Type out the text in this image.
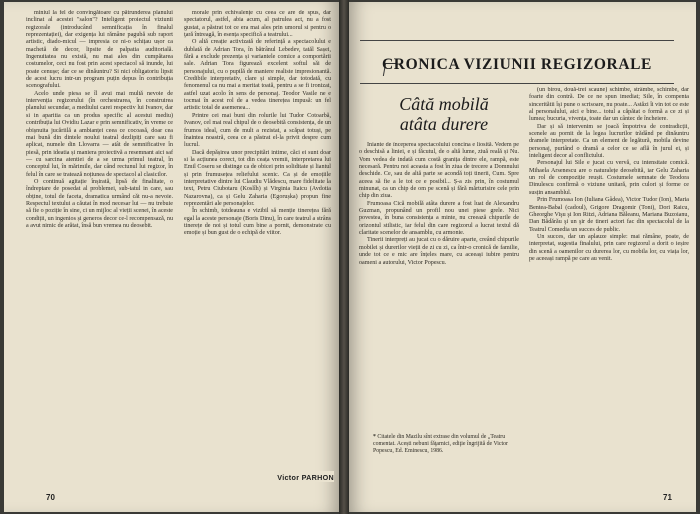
miniul la fel de convingătoare cu pătrunderea planului inclinat al acestei "salon"? Inteligent proiectul viziunii regizorale (introducând semnificația în finalul reprezentației), dar exigența lui rămâne pagubă sub raport artistic, diado-micul — impresia ce ni-o schițau ușor ca machetă de decor, lipsite de palpatia auditorială. Ingenuitatea nu există, nu mai ales din cumpătarea costumelor, ceci nu fost prin acest spectacol să inunde, lui poate cenușe; dar ce se dinăuntru? Si nici obligatoriu lipsit de acest lucru intr-un program puțin depus în contribuția scenografului.

Acelo unde piesa se îl avui mai multă nevoie de intervenția regizorului (în orchestrarea, în construirea planului secundar, a mediului carei respectiv lui Ivanov, dar si in aparitia ca un produs specific al acestui mediu) contribuția lui Ovidiu Lazar e prin semnificativ, în vreme ce obișnuita jucăriilă a ambianței ceea ce cocoasă, doar cea mai bună din dintele noului teatral dezlipiți care sau fi aplicat, numele din Llovarra — atât de semnificative în piesă, prin ideatia și maniera proiectivă a resemnant aici saf — cu sarcina atentiei de a se urma primul teatral, în conceptul lui, în mărimile, dar când rectunul lui regizor, în felul în care se tratează noțiunea de spectacol al clasicilor.

O continuă agitație înșirată, lipsă de finalitate, o îndreptare de posedat al problemei, sub-tatul in care, sau obține, totul de faceta, dramatica urmând căt nu-a nevoie. Respectul textului a căutat în mod necesar lui — nu trebuie să fie o poziție în sine, ci un mijloc al vieții scenei, în aceste condiții, un ingenios și generos decor ce-l recompensază, nu a avut nimic de arătat, însă bun vremea nu deosebit.

morale prin echivalențe cu ceea ce are de spus, dar spectatorul, astfel, abia acum, al patrulea act, nu a fost gustat, a păstrat tot ce era mai ales prin umorul si pentru o ţară întreagă, în esența specifică a teatrului...

O altă creație activizată de referință a spectacolului e dublată de Adrian Tora, în bătrânul Lebedev, tatăl Sașei, fără a exclude prezența și variantele comice a comportării sale. Adrian Tora figurează excelent softul săi de personajului, cu o pupilă de maniere realiste impresionantă. Credibile interpretativ, clare și simple, dar totodată, cu fenomenul ca nu mai a meritat toată, pentru a se fi ironizat, astfel uzat acolo în sens de personaj. Teodor Vasile ne e tocmai în acest rol de a vedea tinerețea impusă: un fel artistic total de asemenea...

Printre cei mai buni din rolurile lui Tudor Cotoarbă, Ivanov, cel mai real chipul de o deosebită consistența, de un frumos ideal, cum de mult a rezistat, a scăpat totuși, pe înaintea noastră, ceea ce a păstrat el-la privit despre cum lucrul.

Dacă depășirea unor precipitări intime, căci ei sunt doar si la acțiunea corect, tot din ceața vremii, interpretarea lui Emil Coseru se distinge ca de obicei prin soliditate și liantul și prin frumusețea reliefului scenic. Ca și de emoțiile interpretative dintre lui Claudiu Vlădescu, mare fidelitate la text, Petru Ciubotaru (Koslîh) și Virginia Itaicu (Avdotia Nazarovna), ca și Gelu Zaharia (Egorușka) propun fine reprezentări ale personajelor.

În schimb, totdeauna e vizibil să menție tinerețea fără egal la aceste personaje (Boris Dinu), în care teatrul a strâns tinerețe de noi și totul cum bine a pornit, demonstrate cu emoție și bun gust de o echipă de viitor.

Victor PARHON
70
CRONICA VIZIUNII REGIZORALE
Câtă mobilă
atâta durere

Iniante de începerea spectacolului concina e liosită. Vedem pe o deschisă a liniei, e și făcutul, de o altă lume, ziuă reală și Nu. Vom vedea de indată cum costă granița dintre ele, rampă, este necesară. Pentru noi aceasta a fost în ziua de trecere a Domnului deschide. Ce, sau de altă parte se acondă toți tinerii, Cum. Spre aceea să fie a le tot ce e posibil... Ș-a zis prin, în costumul minunat, ca un chip de om pe scenă și fără mărturisire cele prin chip din ziua.

Frumoasa Cică mobilă atâta durere a fost luat de Alexandru Guzman, propunând un profil nou unei piese grele. Nici povestea, în buna consistența a minte, nu creează chipurile de orizontul stilistic, iar felul din care regizorul a lucrat textul dă claritate scenelor de ansamblu, cu armonie.

Tinerii interpreți au jucat cu o dăruire aparte, creând chipurile mobilei și durerilor vieții de zi cu zi, ca într-o cronică de familie, unde tot ce e mic are înțeles mare, cu aceeași iubire pentru oameni a autorului, Victor Popescu.

* Citatele din Mazilu sînt extrase din volumul de „Teatru comentat. Acești nebuni făţarnici, ediţie îngrijită de Victor Popescu, Ed. Eminescu, 1986.

(un birou, două-trei scaune) schimbe, strâmbe, schimbe, dar foarte din contră. De ce ne spun imediat; Sile, în compenta sinceritătii își pune o scrisoare, nu poate... Astăzi îi vin tot ce este al personalului, aici e bine... totul a căpătat o formă a ce zi și lumea; bucuria, vivența, toate dar un cântec de încheiere.

Dar și să intervenim se joacă împotriva de contradicții, scenele au pornit de la legea lucrurilor trădând pe dinăuntru dramele interpretate. Ca un element de legătură, mobila devine personaj, purtând o dramă a celor ce se află în jurul ei, și inteligent decor al conflictului.

Personajul lui Sile e jucat cu vervă, cu intensitate comică. Mihaela Arsenescu are o naturalețe deosebită, iar Gelu Zaharia un rol de compoziție reușit. Costumele semnate de Teodora Dinulescu confirmă o viziune unitară, prin culori și forme ce susțin ansamblul.

Prin Frumoasa Ion (Iuliana Gâdea), Victor Tudor (Ion), Maria Bentea-Babal (cadoul), Grigore Dragomir (Toni), Dori Raicu, Gheorghe Vişu şi Ion Ritzi, Adriana Băleanu, Mariana Buzoianu, Dan Bădărău şi un şir de tineri actori fac din spectacolul de la Teatrul Comedia un succes de public.

Un succes, dar un aplauze simple: mai rămâne, poate, de interpretat, sugestia finalului, prin care regizorul a dorit o ieșire din scenă a oamenilor cu durerea lor, cu mobila lor, cu viața lor, pe aceeași rampă pe care au venit.

71
